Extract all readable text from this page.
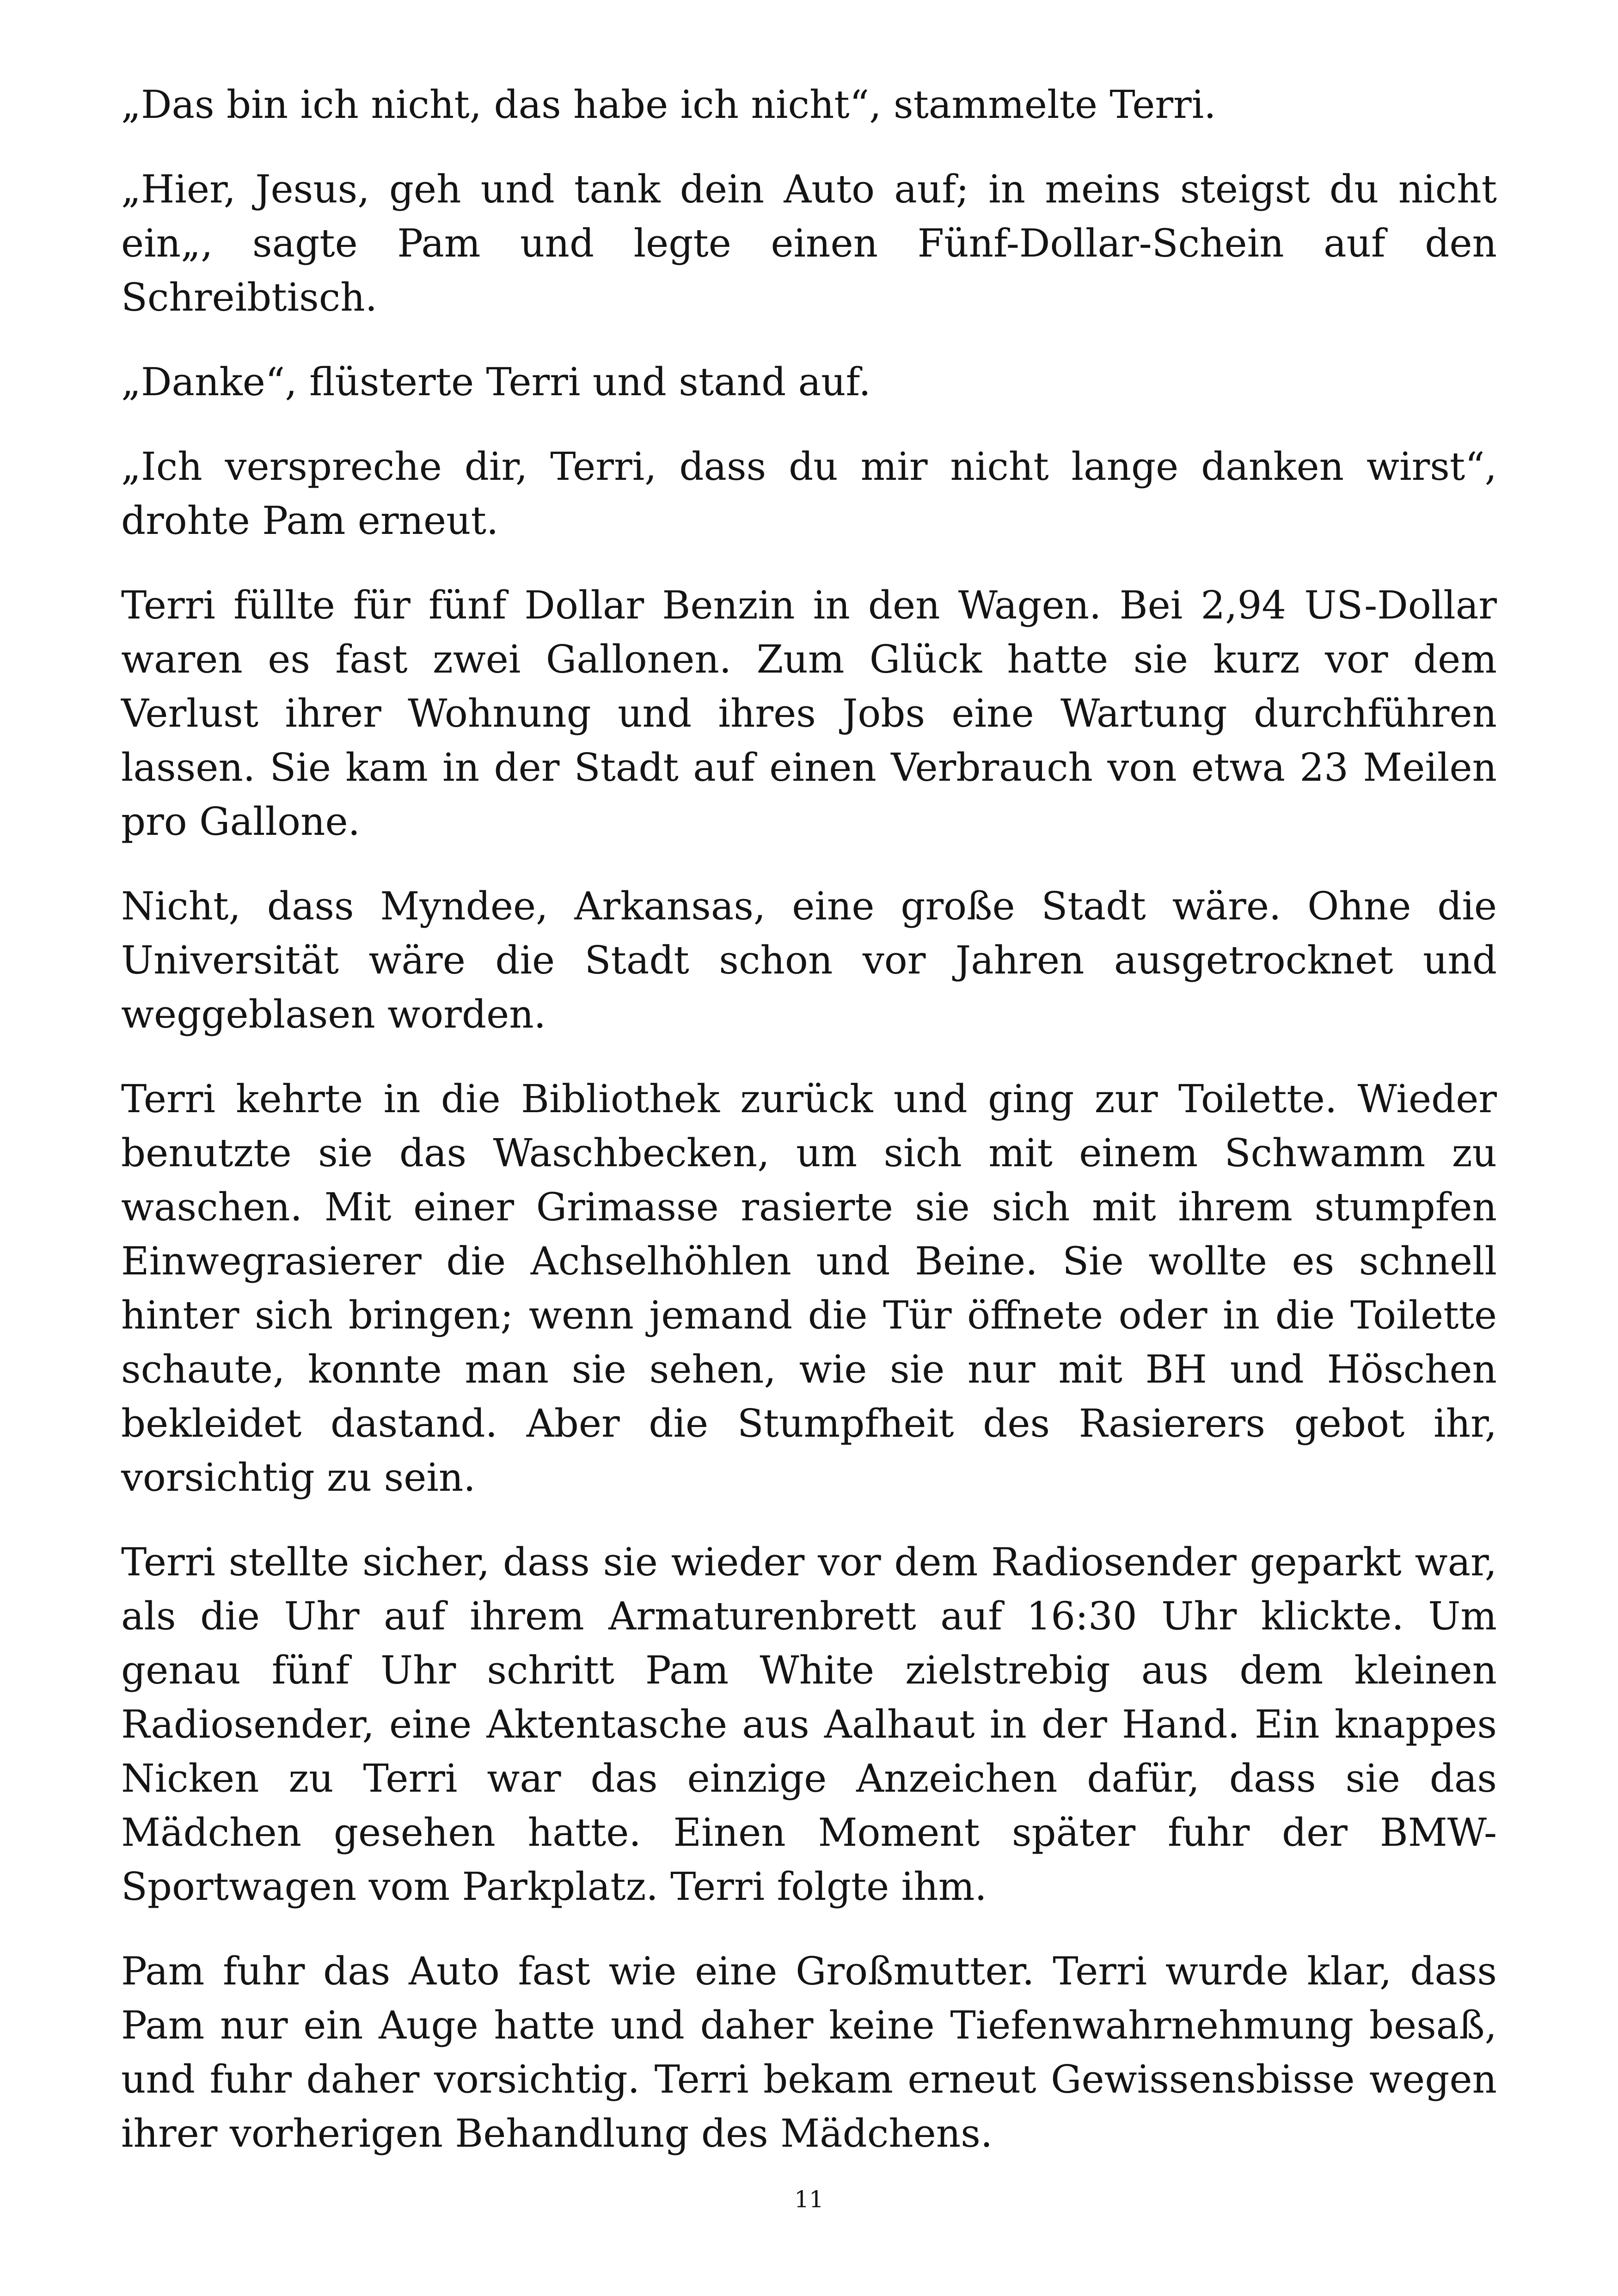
„Das bin ich nicht, das habe ich nicht“, stammelte Terri.

„Hier, Jesus, geh und tank dein Auto auf; in meins steigst du nicht ein„, sagte Pam und legte einen Fünf-Dollar-Schein auf den Schreibtisch.

„Danke“, flüsterte Terri und stand auf.

„Ich verspreche dir, Terri, dass du mir nicht lange danken wirst“, drohte Pam erneut.

Terri füllte für fünf Dollar Benzin in den Wagen. Bei 2,94 US-Dollar waren es fast zwei Gallonen. Zum Glück hatte sie kurz vor dem Verlust ihrer Wohnung und ihres Jobs eine Wartung durchführen lassen. Sie kam in der Stadt auf einen Verbrauch von etwa 23 Meilen pro Gallone.

Nicht, dass Myndee, Arkansas, eine große Stadt wäre. Ohne die Universität wäre die Stadt schon vor Jahren ausgetrocknet und weggeblasen worden.

Terri kehrte in die Bibliothek zurück und ging zur Toilette. Wieder benutzte sie das Waschbecken, um sich mit einem Schwamm zu waschen. Mit einer Grimasse rasierte sie sich mit ihrem stumpfen Einwegrasierer die Achselhöhlen und Beine. Sie wollte es schnell hinter sich bringen; wenn jemand die Tür öffnete oder in die Toilette schaute, konnte man sie sehen, wie sie nur mit BH und Höschen bekleidet dastand. Aber die Stumpfheit des Rasierers gebot ihr, vorsichtig zu sein.

Terri stellte sicher, dass sie wieder vor dem Radiosender geparkt war, als die Uhr auf ihrem Armaturenbrett auf 16:30 Uhr klickte. Um genau fünf Uhr schritt Pam White zielstrebig aus dem kleinen Radiosender, eine Aktentasche aus Aalhaut in der Hand. Ein knappes Nicken zu Terri war das einzige Anzeichen dafür, dass sie das Mädchen gesehen hatte. Einen Moment später fuhr der BMW-Sportwagen vom Parkplatz. Terri folgte ihm.

Pam fuhr das Auto fast wie eine Großmutter. Terri wurde klar, dass Pam nur ein Auge hatte und daher keine Tiefenwahrnehmung besaß, und fuhr daher vorsichtig. Terri bekam erneut Gewissensbisse wegen ihrer vorherigen Behandlung des Mädchens.

11
